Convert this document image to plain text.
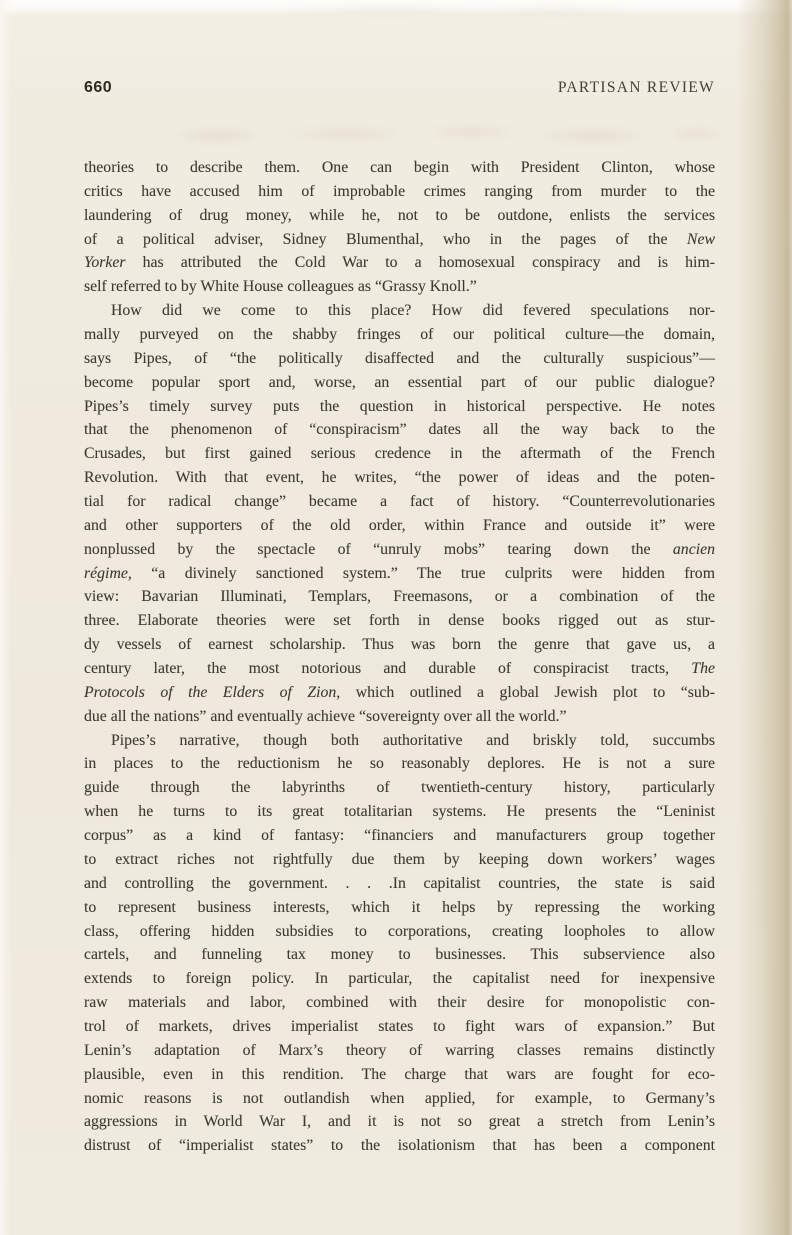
660	PARTISAN REVIEW
theories to describe them. One can begin with President Clinton, whose
critics have accused him of improbable crimes ranging from murder to the
laundering of drug money, while he, not to be outdone, enlists the services
of a political adviser, Sidney Blumenthal, who in the pages of the New
Yorker has attributed the Cold War to a homosexual conspiracy and is him-
self referred to by White House colleagues as “Grassy Knoll.”
How did we come to this place? How did fevered speculations nor-
mally purveyed on the shabby fringes of our political culture—the domain,
says Pipes, of “the politically disaffected and the culturally suspicious”—
become popular sport and, worse, an essential part of our public dialogue?
Pipes’s timely survey puts the question in historical perspective. He notes
that the phenomenon of “conspiracism” dates all the way back to the
Crusades, but first gained serious credence in the aftermath of the French
Revolution. With that event, he writes, “the power of ideas and the poten-
tial for radical change” became a fact of history. “Counterrevolutionaries
and other supporters of the old order, within France and outside it” were
nonplussed by the spectacle of “unruly mobs” tearing down the ancien
régime, “a divinely sanctioned system.” The true culprits were hidden from
view: Bavarian Illuminati, Templars, Freemasons, or a combination of the
three. Elaborate theories were set forth in dense books rigged out as stur-
dy vessels of earnest scholarship. Thus was born the genre that gave us, a
century later, the most notorious and durable of conspiracist tracts, The
Protocols of the Elders of Zion, which outlined a global Jewish plot to “sub-
due all the nations” and eventually achieve “sovereignty over all the world.”
Pipes’s narrative, though both authoritative and briskly told, succumbs
in places to the reductionism he so reasonably deplores. He is not a sure
guide through the labyrinths of twentieth-century history, particularly
when he turns to its great totalitarian systems. He presents the “Leninist
corpus” as a kind of fantasy: “financiers and manufacturers group together
to extract riches not rightfully due them by keeping down workers’ wages
and controlling the government. . . .In capitalist countries, the state is said
to represent business interests, which it helps by repressing the working
class, offering hidden subsidies to corporations, creating loopholes to allow
cartels, and funneling tax money to businesses. This subservience also
extends to foreign policy. In particular, the capitalist need for inexpensive
raw materials and labor, combined with their desire for monopolistic con-
trol of markets, drives imperialist states to fight wars of expansion.” But
Lenin’s adaptation of Marx’s theory of warring classes remains distinctly
plausible, even in this rendition. The charge that wars are fought for eco-
nomic reasons is not outlandish when applied, for example, to Germany’s
aggressions in World War I, and it is not so great a stretch from Lenin’s
distrust of “imperialist states” to the isolationism that has been a component
